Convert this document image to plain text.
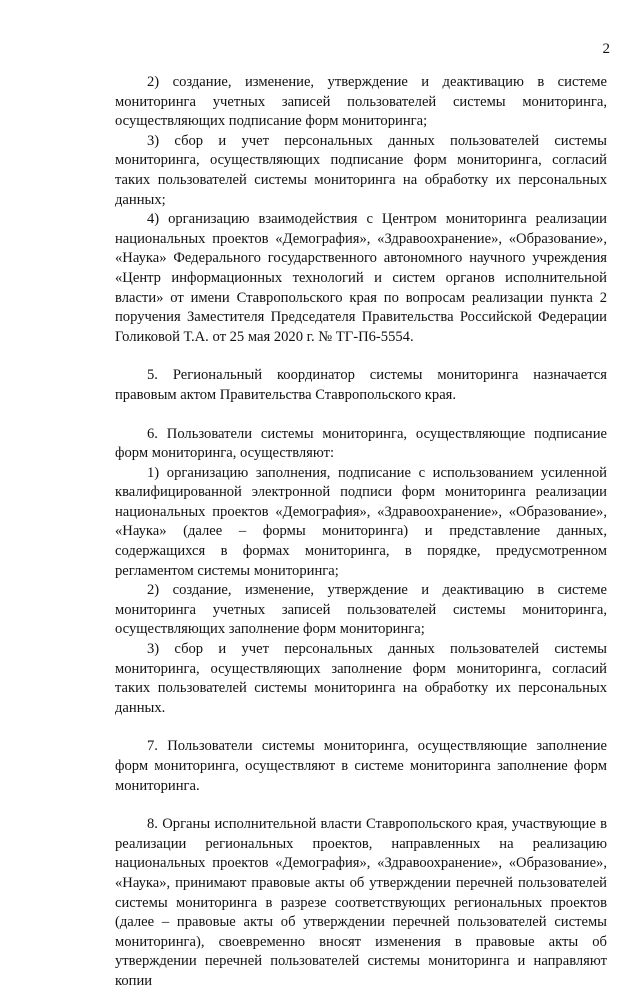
2

2) создание, изменение, утверждение и деактивацию в системе мониторинга учетных записей пользователей системы мониторинга, осуществляющих подписание форм мониторинга;

3) сбор и учет персональных данных пользователей системы мониторинга, осуществляющих подписание форм мониторинга, согласий таких пользователей системы мониторинга на обработку их персональных данных;

4) организацию взаимодействия с Центром мониторинга реализации национальных проектов «Демография», «Здравоохранение», «Образование», «Наука» Федерального государственного автономного научного учреждения «Центр информационных технологий и систем органов исполнительной власти» от имени Ставропольского края по вопросам реализации пункта 2 поручения Заместителя Председателя Правительства Российской Федерации Голиковой Т.А. от 25 мая 2020 г. № ТГ-П6-5554.

5. Региональный координатор системы мониторинга назначается правовым актом Правительства Ставропольского края.

6. Пользователи системы мониторинга, осуществляющие подписание форм мониторинга, осуществляют:

1) организацию заполнения, подписание с использованием усиленной квалифицированной электронной подписи форм мониторинга реализации национальных проектов «Демография», «Здравоохранение», «Образование», «Наука» (далее – формы мониторинга) и представление данных, содержащихся в формах мониторинга, в порядке, предусмотренном регламентом системы мониторинга;

2) создание, изменение, утверждение и деактивацию в системе мониторинга учетных записей пользователей системы мониторинга, осуществляющих заполнение форм мониторинга;

3) сбор и учет персональных данных пользователей системы мониторинга, осуществляющих заполнение форм мониторинга, согласий таких пользователей системы мониторинга на обработку их персональных данных.

7. Пользователи системы мониторинга, осуществляющие заполнение форм мониторинга, осуществляют в системе мониторинга заполнение форм мониторинга.

8. Органы исполнительной власти Ставропольского края, участвующие в реализации региональных проектов, направленных на реализацию национальных проектов «Демография», «Здравоохранение», «Образование», «Наука», принимают правовые акты об утверждении перечней пользователей системы мониторинга в разрезе соответствующих региональных проектов (далее – правовые акты об утверждении перечней пользователей системы мониторинга), своевременно вносят изменения в правовые акты об утверждении перечней пользователей системы мониторинга и направляют копии
